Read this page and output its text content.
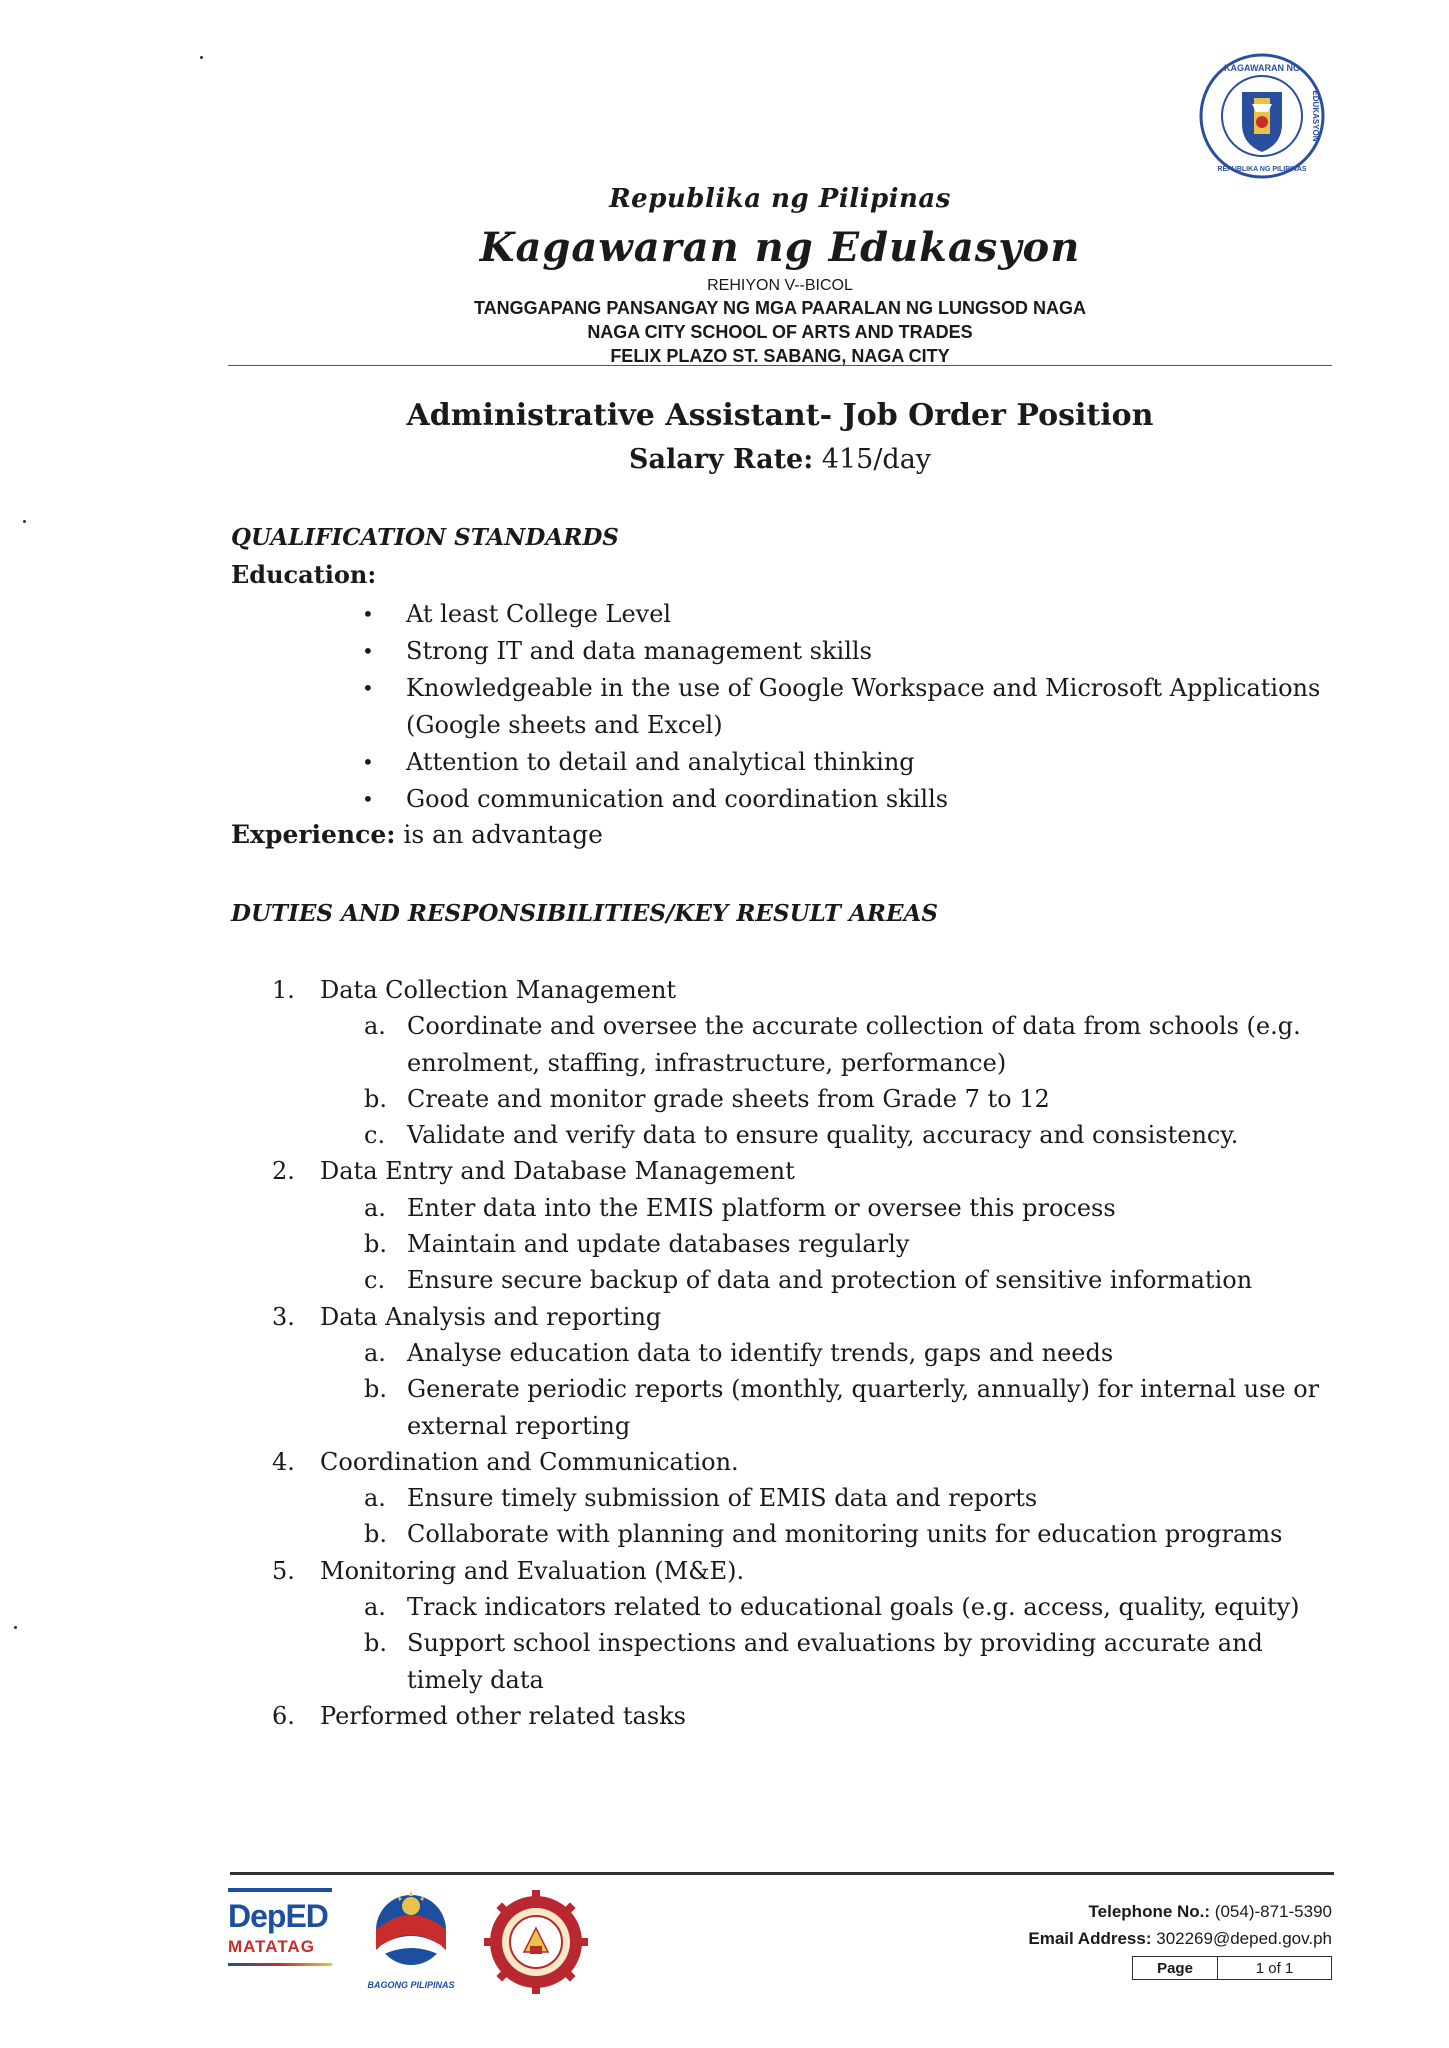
KAGAWARAN NG
REPUBLIKA NG PILIPINAS
EDUKASYON
Republika ng Pilipinas
Kagawaran ng Edukasyon
REHIYON V--BICOL
TANGGAPANG PANSANGAY NG MGA PAARALAN NG LUNGSOD NAGA
NAGA CITY SCHOOL OF ARTS AND TRADES
FELIX PLAZO ST. SABANG, NAGA CITY
Administrative Assistant- Job Order Position
Salary Rate: 415/day
QUALIFICATION STANDARDS
Education:
• At least College Level
• Strong IT and data management skills
• Knowledgeable in the use of Google Workspace and Microsoft Applications (Google sheets and Excel)
• Attention to detail and analytical thinking
• Good communication and coordination skills
Experience: is an advantage
DUTIES AND RESPONSIBILITIES/KEY RESULT AREAS
1. Data Collection Management
a. Coordinate and oversee the accurate collection of data from schools (e.g. enrolment, staffing, infrastructure, performance)
b. Create and monitor grade sheets from Grade 7 to 12
c. Validate and verify data to ensure quality, accuracy and consistency.
2. Data Entry and Database Management
a. Enter data into the EMIS platform or oversee this process
b. Maintain and update databases regularly
c. Ensure secure backup of data and protection of sensitive information
3. Data Analysis and reporting
a. Analyse education data to identify trends, gaps and needs
b. Generate periodic reports (monthly, quarterly, annually) for internal use or external reporting
4. Coordination and Communication.
a. Ensure timely submission of EMIS data and reports
b. Collaborate with planning and monitoring units for education programs
5. Monitoring and Evaluation (M&E).
a. Track indicators related to educational goals (e.g. access, quality, equity)
b. Support school inspections and evaluations by providing accurate and timely data
6. Performed other related tasks
DepED
MATATAG
BAGONG PILIPINAS
Telephone No.: (054)-871-5390
Email Address: 302269@deped.gov.ph
Page	1 of 1
